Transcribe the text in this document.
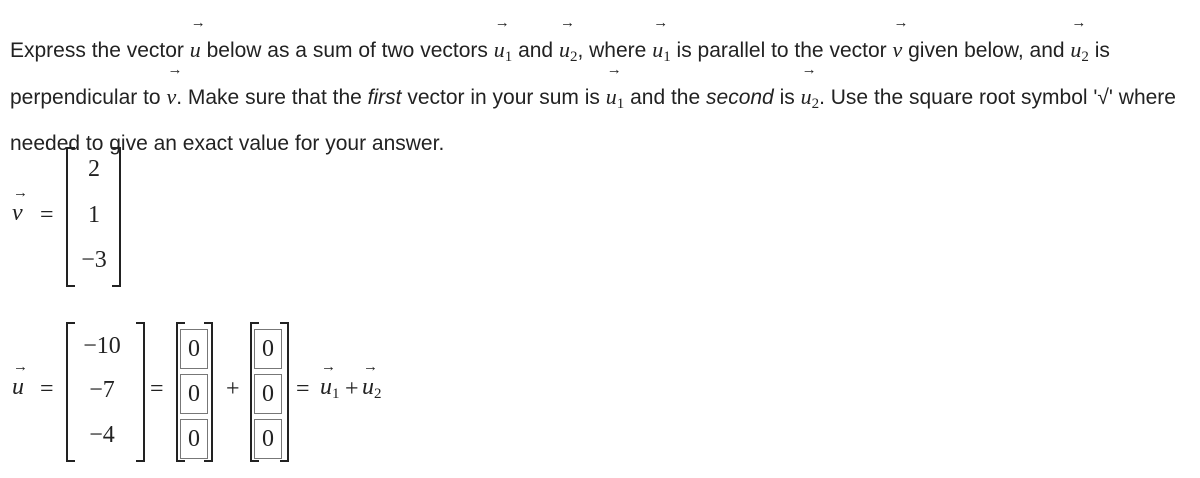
Express the vector
→
u below as a sum of two vectors
→
$u_1$ and
→
$u_2$, where
→
$u_1$ is parallel to the vector
→
v given below, and
→
$u_2$ is perpendicular to
→
v. Make sure that the first vector in your sum is
→
$u_1$ and the second is
→
$u_2$. Use the square root symbol '√' where needed to give an exact value for your answer.
→
v =
2
1
−3
→
u =
−10
−7
−4
=
0
0
0
+
0
0
0
=
→
$u_1$ +
→
$u_2$
